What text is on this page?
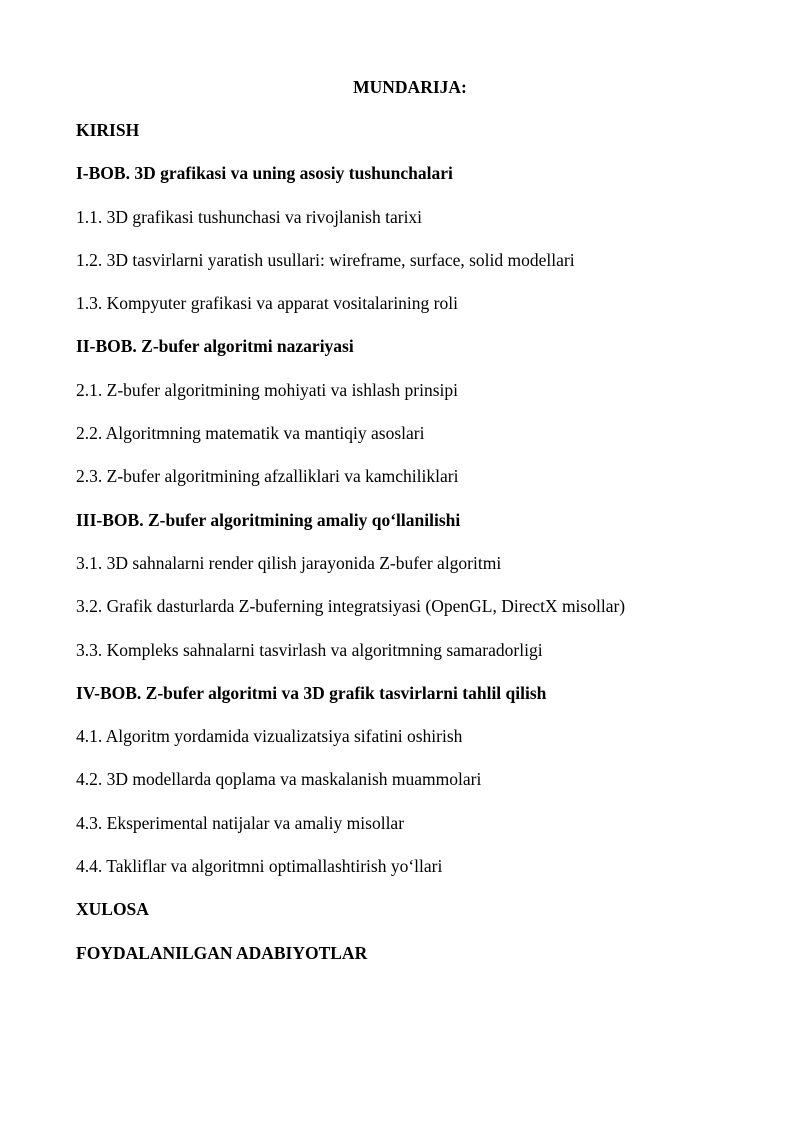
MUNDARIJA:
KIRISH
I-BOB. 3D grafikasi va uning asosiy tushunchalari
1.1. 3D grafikasi tushunchasi va rivojlanish tarixi
1.2. 3D tasvirlarni yaratish usullari: wireframe, surface, solid modellari
1.3. Kompyuter grafikasi va apparat vositalarining roli
II-BOB. Z-bufer algoritmi nazariyasi
2.1. Z-bufer algoritmining mohiyati va ishlash prinsipi
2.2. Algoritmning matematik va mantiqiy asoslari
2.3. Z-bufer algoritmining afzalliklari va kamchiliklari
III-BOB. Z-bufer algoritmining amaliy qo‘llanilishi
3.1. 3D sahnalarni render qilish jarayonida Z-bufer algoritmi
3.2. Grafik dasturlarda Z-buferning integratsiyasi (OpenGL, DirectX misollar)
3.3. Kompleks sahnalarni tasvirlash va algoritmning samaradorligi
IV-BOB. Z-bufer algoritmi va 3D grafik tasvirlarni tahlil qilish
4.1. Algoritm yordamida vizualizatsiya sifatini oshirish
4.2. 3D modellarda qoplama va maskalanish muammolari
4.3. Eksperimental natijalar va amaliy misollar
4.4. Takliflar va algoritmni optimallashtirish yo‘llari
XULOSA
FOYDALANILGAN ADABIYOTLAR
